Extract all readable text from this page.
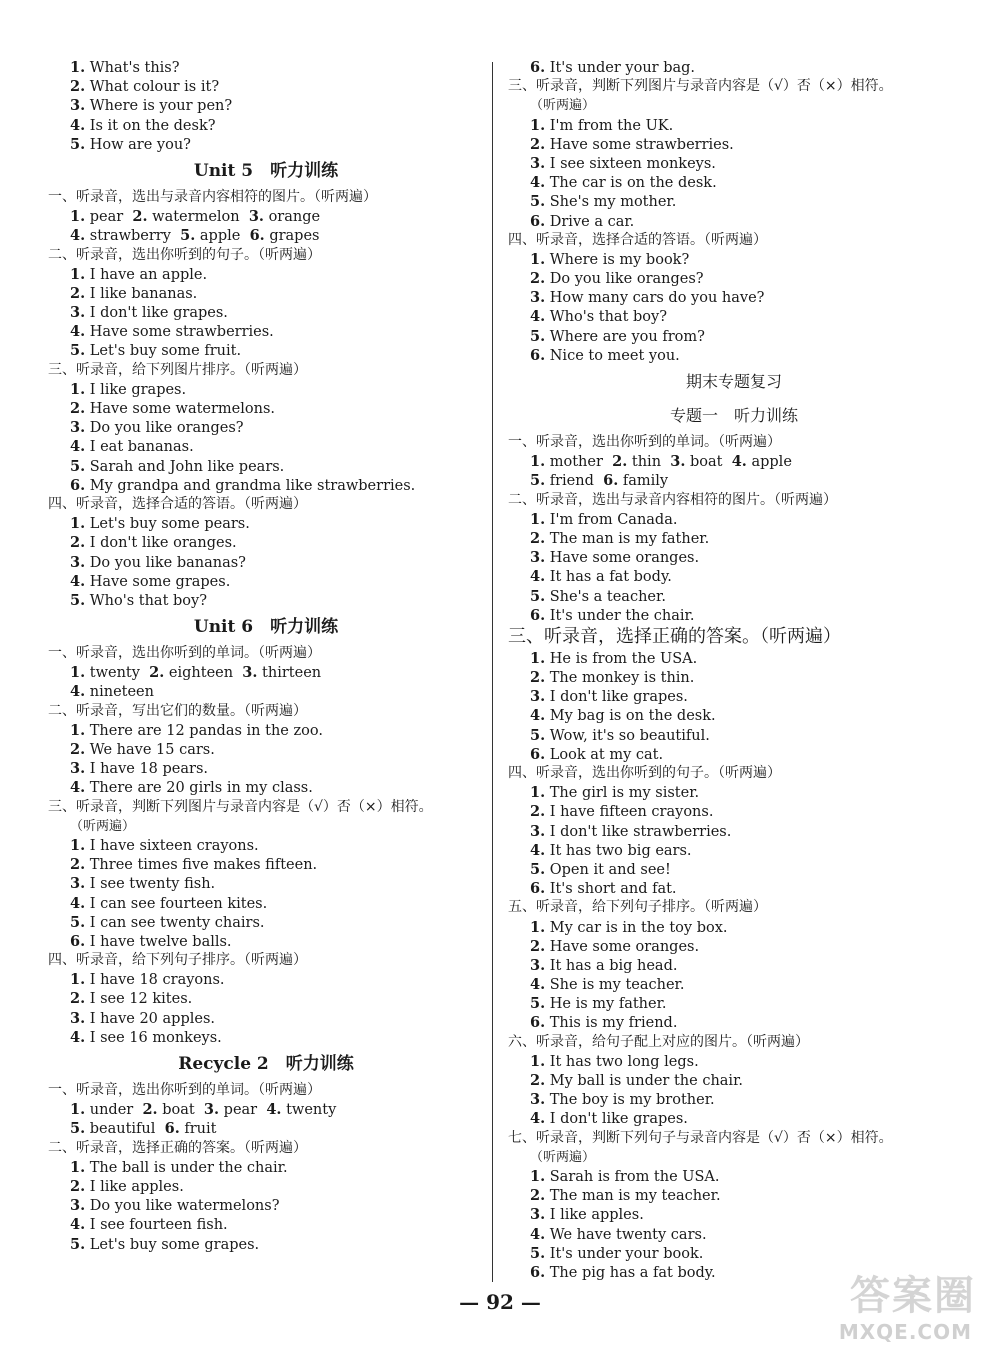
1. What's this?
2. What colour is it?
3. Where is your pen?
4. Is it on the desk?
5. How are you?
Unit 5　听力训练
一、听录音，选出与录音内容相符的图片。（听两遍）
1. pear 2. watermelon 3. orange
4. strawberry 5. apple 6. grapes
二、听录音，选出你听到的句子。（听两遍）
1. I have an apple.
2. I like bananas.
3. I don't like grapes.
4. Have some strawberries.
5. Let's buy some fruit.
三、听录音，给下列图片排序。（听两遍）
1. I like grapes.
2. Have some watermelons.
3. Do you like oranges?
4. I eat bananas.
5. Sarah and John like pears.
6. My grandpa and grandma like strawberries.
四、听录音，选择合适的答语。（听两遍）
1. Let's buy some pears.
2. I don't like oranges.
3. Do you like bananas?
4. Have some grapes.
5. Who's that boy?
Unit 6　听力训练
一、听录音，选出你听到的单词。（听两遍）
1. twenty 2. eighteen 3. thirteen
4. nineteen
二、听录音，写出它们的数量。（听两遍）
1. There are 12 pandas in the zoo.
2. We have 15 cars.
3. I have 18 pears.
4. There are 20 girls in my class.
三、听录音，判断下列图片与录音内容是（√）否（×）相符。
（听两遍）
1. I have sixteen crayons.
2. Three times five makes fifteen.
3. I see twenty fish.
4. I can see fourteen kites.
5. I can see twenty chairs.
6. I have twelve balls.
四、听录音，给下列句子排序。（听两遍）
1. I have 18 crayons.
2. I see 12 kites.
3. I have 20 apples.
4. I see 16 monkeys.
Recycle 2　听力训练
一、听录音，选出你听到的单词。（听两遍）
1. under 2. boat 3. pear 4. twenty
5. beautiful 6. fruit
二、听录音，选择正确的答案。（听两遍）
1. The ball is under the chair.
2. I like apples.
3. Do you like watermelons?
4. I see fourteen fish.
5. Let's buy some grapes.
6. It's under your bag.
三、听录音，判断下列图片与录音内容是（√）否（×）相符。
（听两遍）
1. I'm from the UK.
2. Have some strawberries.
3. I see sixteen monkeys.
4. The car is on the desk.
5. She's my mother.
6. Drive a car.
四、听录音，选择合适的答语。（听两遍）
1. Where is my book?
2. Do you like oranges?
3. How many cars do you have?
4. Who's that boy?
5. Where are you from?
6. Nice to meet you.
期末专题复习
专题一　听力训练
一、听录音，选出你听到的单词。（听两遍）
1. mother 2. thin 3. boat 4. apple
5. friend 6. family
二、听录音，选出与录音内容相符的图片。（听两遍）
1. I'm from Canada.
2. The man is my father.
3. Have some oranges.
4. It has a fat body.
5. She's a teacher.
6. It's under the chair.
三、听录音，选择正确的答案。（听两遍）
1. He is from the USA.
2. The monkey is thin.
3. I don't like grapes.
4. My bag is on the desk.
5. Wow, it's so beautiful.
6. Look at my cat.
四、听录音，选出你听到的句子。（听两遍）
1. The girl is my sister.
2. I have fifteen crayons.
3. I don't like strawberries.
4. It has two big ears.
5. Open it and see!
6. It's short and fat.
五、听录音，给下列句子排序。（听两遍）
1. My car is in the toy box.
2. Have some oranges.
3. It has a big head.
4. She is my teacher.
5. He is my father.
6. This is my friend.
六、听录音，给句子配上对应的图片。（听两遍）
1. It has two long legs.
2. My ball is under the chair.
3. The boy is my brother.
4. I don't like grapes.
七、听录音，判断下列句子与录音内容是（√）否（×）相符。
（听两遍）
1. Sarah is from the USA.
2. The man is my teacher.
3. I like apples.
4. We have twenty cars.
5. It's under your book.
6. The pig has a fat body.
— 92 —	答案圈
MXQE.COM
